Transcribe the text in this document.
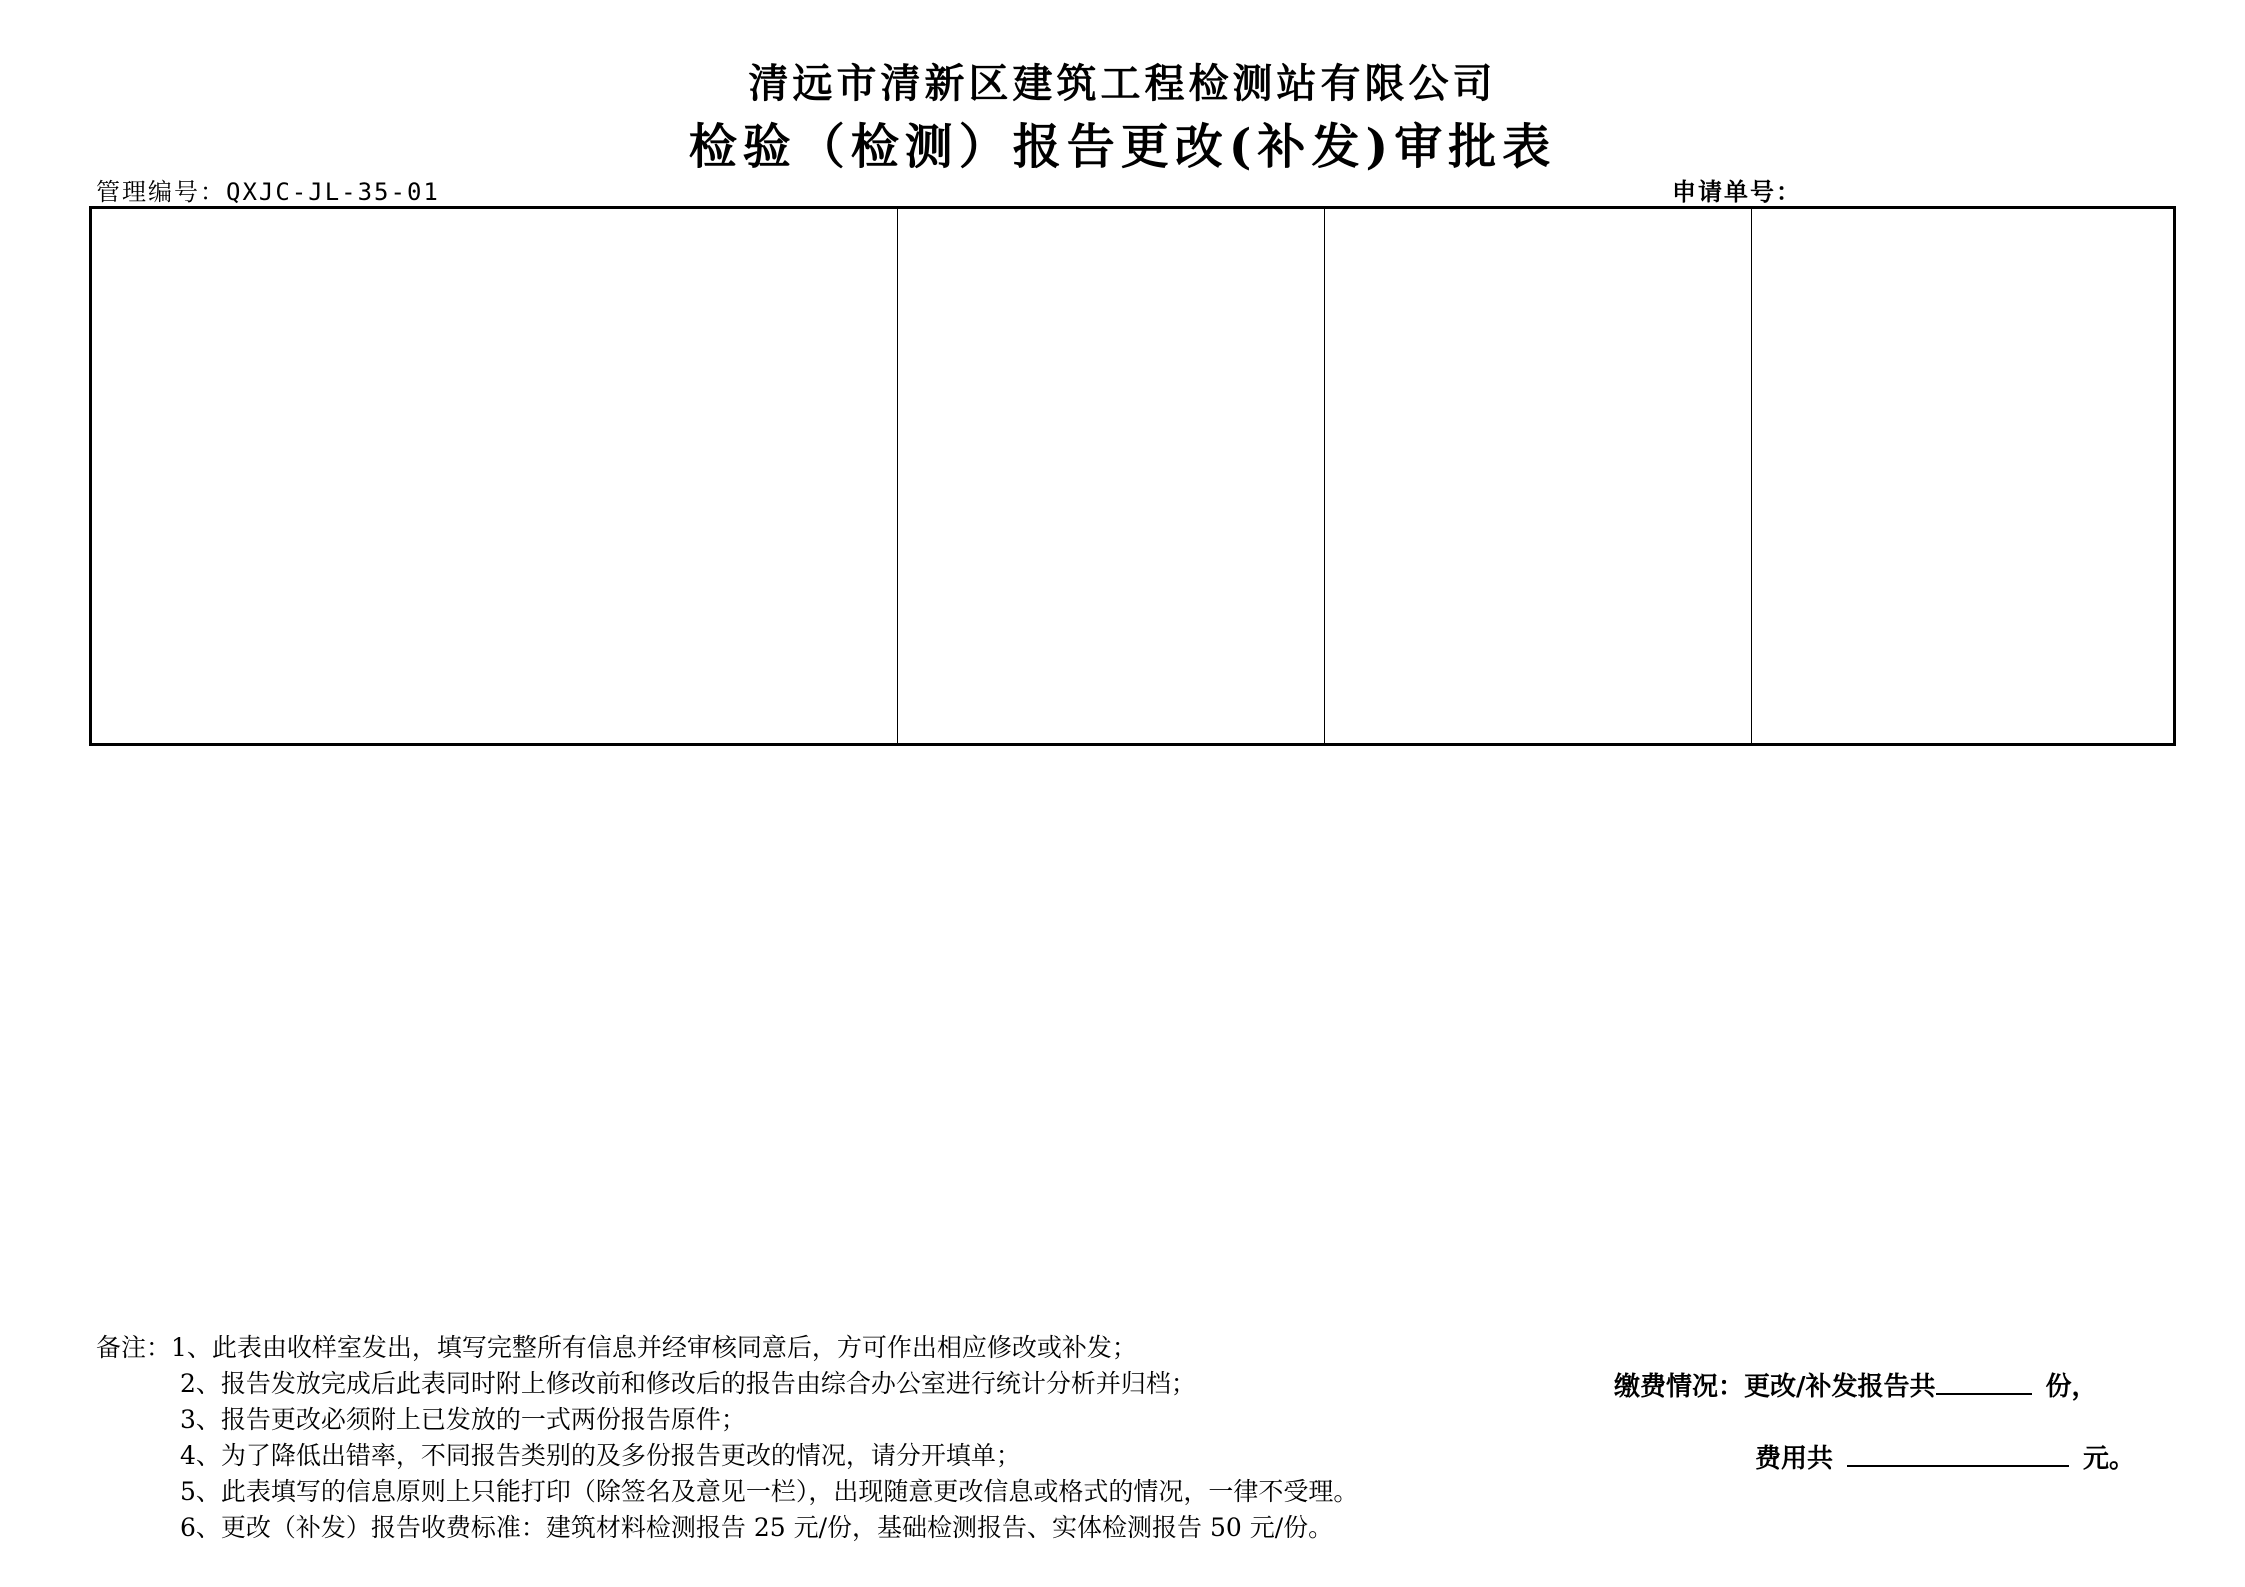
清远市清新区建筑工程检测站有限公司
检验（检测）报告更改(补发)审批表
管理编号：QXJC-JL-35-01	申请单号：
备注：1、此表由收样室发出，填写完整所有信息并经审核同意后，方可作出相应修改或补发；
2、报告发放完成后此表同时附上修改前和修改后的报告由综合办公室进行统计分析并归档；
3、报告更改必须附上已发放的一式两份报告原件；
4、为了降低出错率，不同报告类别的及多份报告更改的情况，请分开填单；
5、此表填写的信息原则上只能打印（除签名及意见一栏），出现随意更改信息或格式的情况，一律不受理。
6、更改（补发）报告收费标准：建筑材料检测报告 25 元/份，基础检测报告、实体检测报告 50 元/份。
缴费情况：更改/补发报告共	份，
费用共	元。
